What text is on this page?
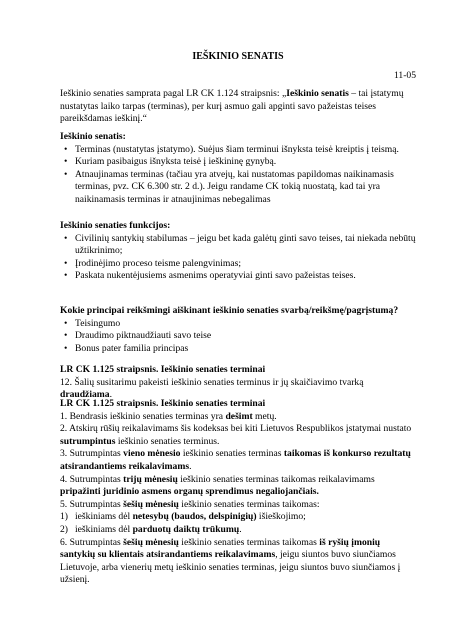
IEŠKINIO SENATIS
11-05

Ieškinio senaties samprata pagal LR CK 1.124 straipsnis: „Ieškinio senatis – tai įstatymų nustatytas laiko tarpas (terminas), per kurį asmuo gali apginti savo pažeistas teises pareikšdamas ieškinį.“

Ieškinio senatis:

• Terminas (nustatytas įstatymo). Suėjus šiam terminui išnyksta teisė kreiptis į teismą.
• Kuriam pasibaigus išnyksta teisė į ieškininę gynybą.
• Atnaujinamas terminas (tačiau yra atvejų, kai nustatomas papildomas naikinamasis terminas, pvz. CK 6.300 str. 2 d.). Jeigu randame CK tokią nuostatą, kad tai yra naikinamasis terminas ir atnaujinimas nebegalimas

Ieškinio senaties funkcijos:

• Civilinių santykių stabilumas – jeigu bet kada galėtų ginti savo teises, tai niekada nebūtų užtikrinimo;
• Įrodinėjimo proceso teisme palengvinimas;
• Paskata nukentėjusiems asmenims operatyviai ginti savo pažeistas teises.

Kokie principai reikšmingi aiškinant ieškinio senaties svarbą/reikšmę/pagrįstumą?

• Teisingumo
• Draudimo piktnaudžiauti savo teise
• Bonus pater familia principas

LR CK 1.125 straipsnis. Ieškinio senaties terminai

12. Šalių susitarimu pakeisti ieškinio senaties terminus ir jų skaičiavimo tvarką draudžiama.

LR CK 1.125 straipsnis. Ieškinio senaties terminai

1. Bendrasis ieškinio senaties terminas yra dešimt metų.

2. Atskirų rūšių reikalavimams šis kodeksas bei kiti Lietuvos Respublikos įstatymai nustato sutrumpintus ieškinio senaties terminus.

3. Sutrumpintas vieno mėnesio ieškinio senaties terminas taikomas iš konkurso rezultatų atsirandantiems reikalavimams.

4. Sutrumpintas trijų mėnesių ieškinio senaties terminas taikomas reikalavimams pripažinti juridinio asmens organų sprendimus negaliojančiais.

5. Sutrumpintas šešių mėnesių ieškinio senaties terminas taikomas:

1) ieškiniams dėl netesybų (baudos, delspinigių) išieškojimo;
2) ieškiniams dėl parduotų daiktų trūkumų.

6. Sutrumpintas šešių mėnesių ieškinio senaties terminas taikomas iš ryšių įmonių santykių su klientais atsirandantiems reikalavimams, jeigu siuntos buvo siunčiamos Lietuvoje, arba vienerių metų ieškinio senaties terminas, jeigu siuntos buvo siunčiamos į užsienį.
